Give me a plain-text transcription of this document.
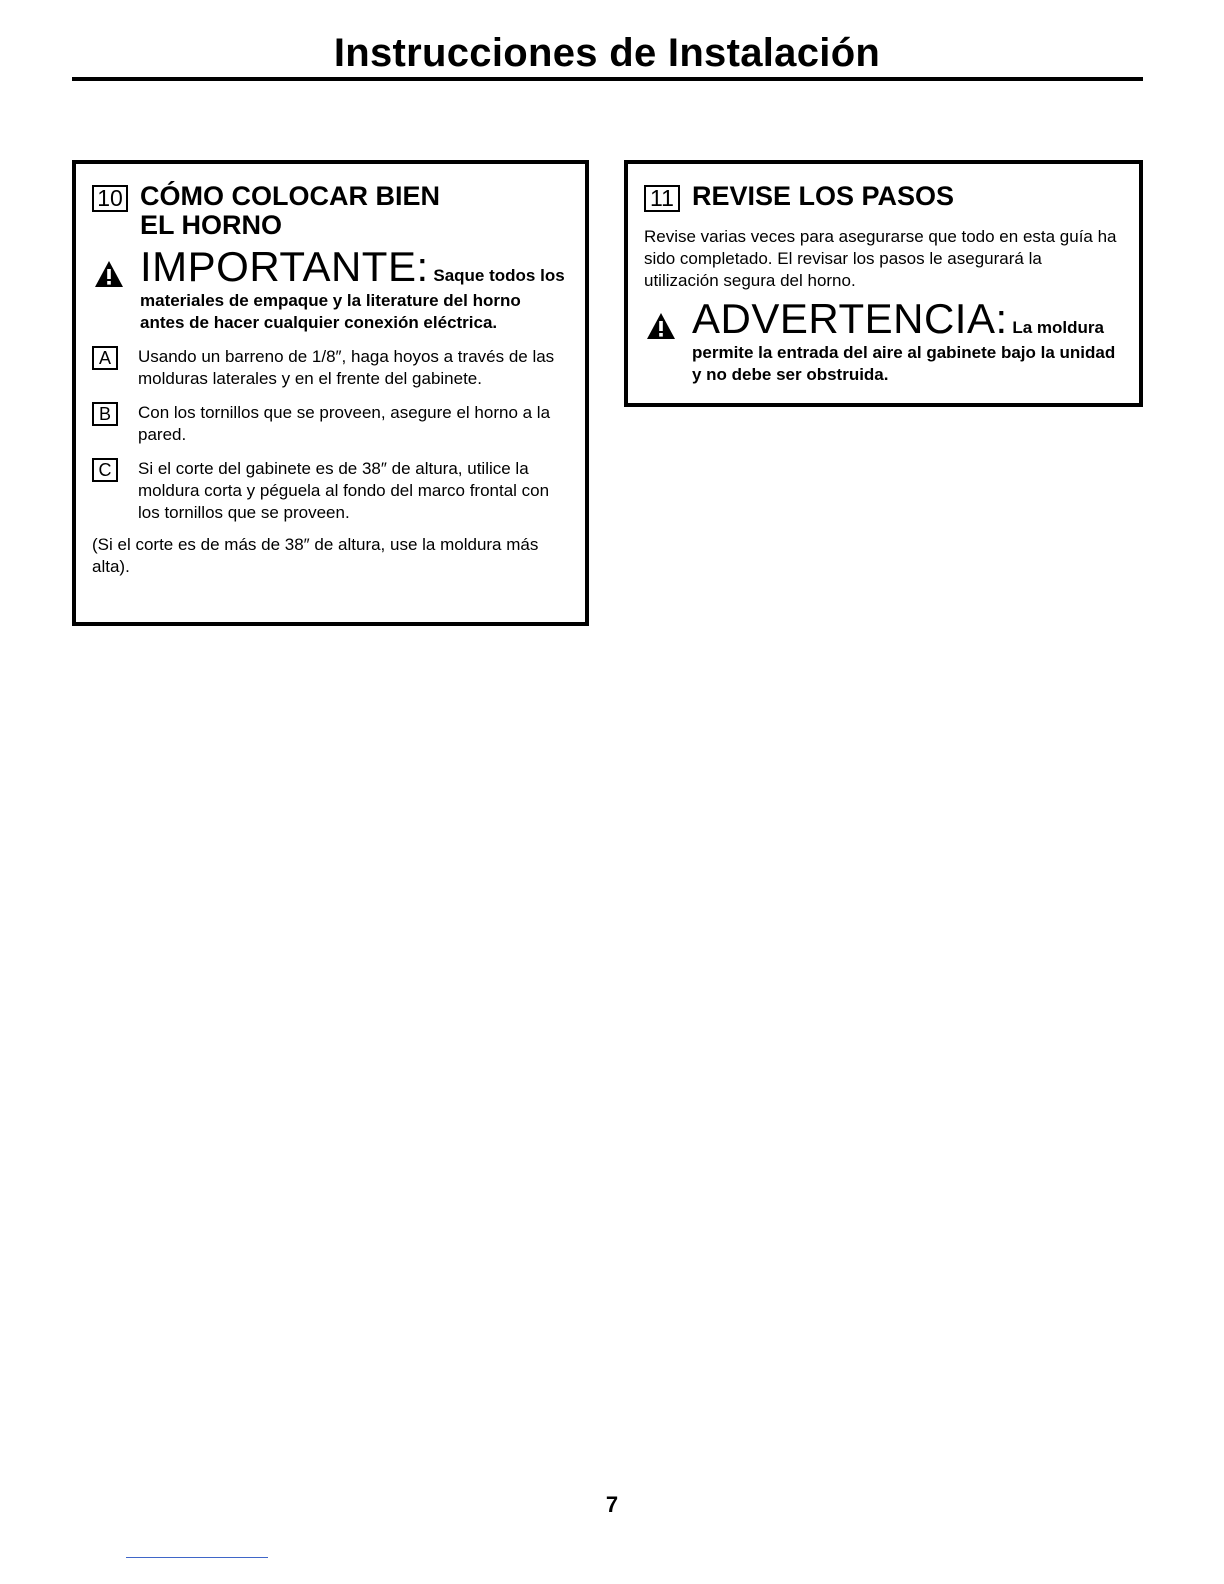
Instrucciones de Instalación
10 CÓMO COLOCAR BIEN
EL HORNO
IMPORTANTE: Saque todos los
materiales de empaque y la literature del horno antes de hacer cualquier conexión eléctrica.
A	Usando un barreno de 1/8″, haga hoyos a través de las molduras laterales y en el frente del gabinete.
B	Con los tornillos que se proveen, asegure el horno a la pared.
C	Si el corte del gabinete es de 38″ de altura, utilice la moldura corta y péguela al fondo del marco frontal con los tornillos que se proveen.
(Si el corte es de más de 38″ de altura, use la moldura más alta).
11 REVISE LOS PASOS
Revise varias veces para asegurarse que todo en esta guía ha sido completado. El revisar los pasos le asegurará la utilización segura del horno.
ADVERTENCIA: La moldura
permite la entrada del aire al gabinete bajo la unidad y no debe ser obstruida.
7
